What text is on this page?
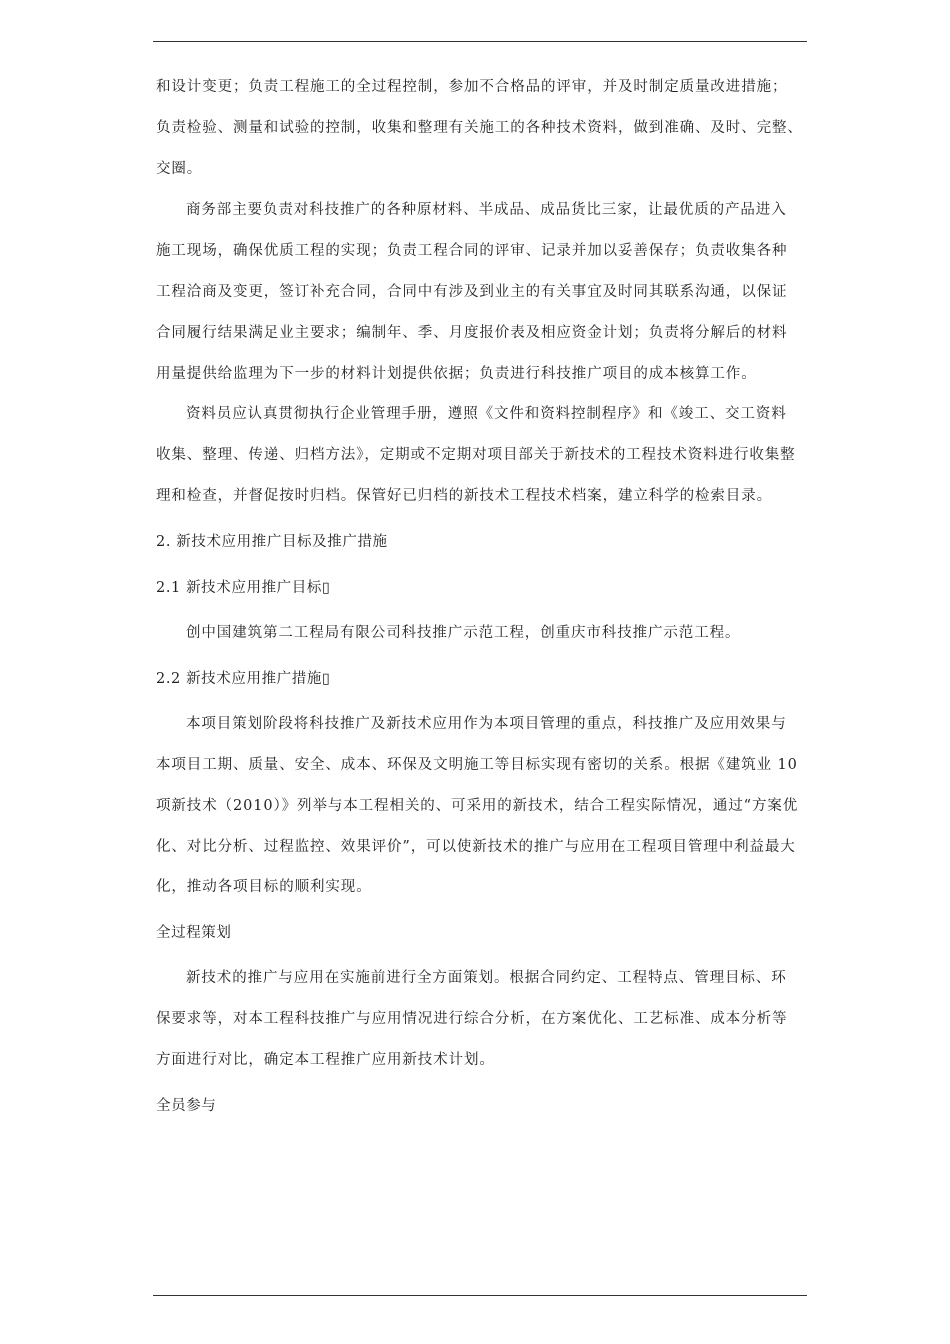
和设计变更；负责工程施工的全过程控制，参加不合格品的评审，并及时制定质量改进措施；
负责检验、测量和试验的控制，收集和整理有关施工的各种技术资料，做到准确、及时、完整、
交圈。
商务部主要负责对科技推广的各种原材料、半成品、成品货比三家，让最优质的产品进入
施工现场，确保优质工程的实现；负责工程合同的评审、记录并加以妥善保存；负责收集各种
工程洽商及变更，签订补充合同，合同中有涉及到业主的有关事宜及时同其联系沟通，以保证
合同履行结果满足业主要求；编制年、季、月度报价表及相应资金计划；负责将分解后的材料
用量提供给监理为下一步的材料计划提供依据；负责进行科技推广项目的成本核算工作。
资料员应认真贯彻执行企业管理手册，遵照《文件和资料控制程序》和《竣工、交工资料
收集、整理、传递、归档方法》，定期或不定期对项目部关于新技术的工程技术资料进行收集整
理和检查，并督促按时归档。保管好已归档的新技术工程技术档案，建立科学的检索目录。
2. 新技术应用推广目标及推广措施
2.1 新技术应用推广目标▯
创中国建筑第二工程局有限公司科技推广示范工程，创重庆市科技推广示范工程。
2.2 新技术应用推广措施▯
本项目策划阶段将科技推广及新技术应用作为本项目管理的重点，科技推广及应用效果与
本项目工期、质量、安全、成本、环保及文明施工等目标实现有密切的关系。根据《建筑业 10
项新技术（2010）》列举与本工程相关的、可采用的新技术，结合工程实际情况，通过“方案优
化、对比分析、过程监控、效果评价”，可以使新技术的推广与应用在工程项目管理中利益最大
化，推动各项目标的顺利实现。
全过程策划
新技术的推广与应用在实施前进行全方面策划。根据合同约定、工程特点、管理目标、环
保要求等，对本工程科技推广与应用情况进行综合分析，在方案优化、工艺标准、成本分析等
方面进行对比，确定本工程推广应用新技术计划。
全员参与
